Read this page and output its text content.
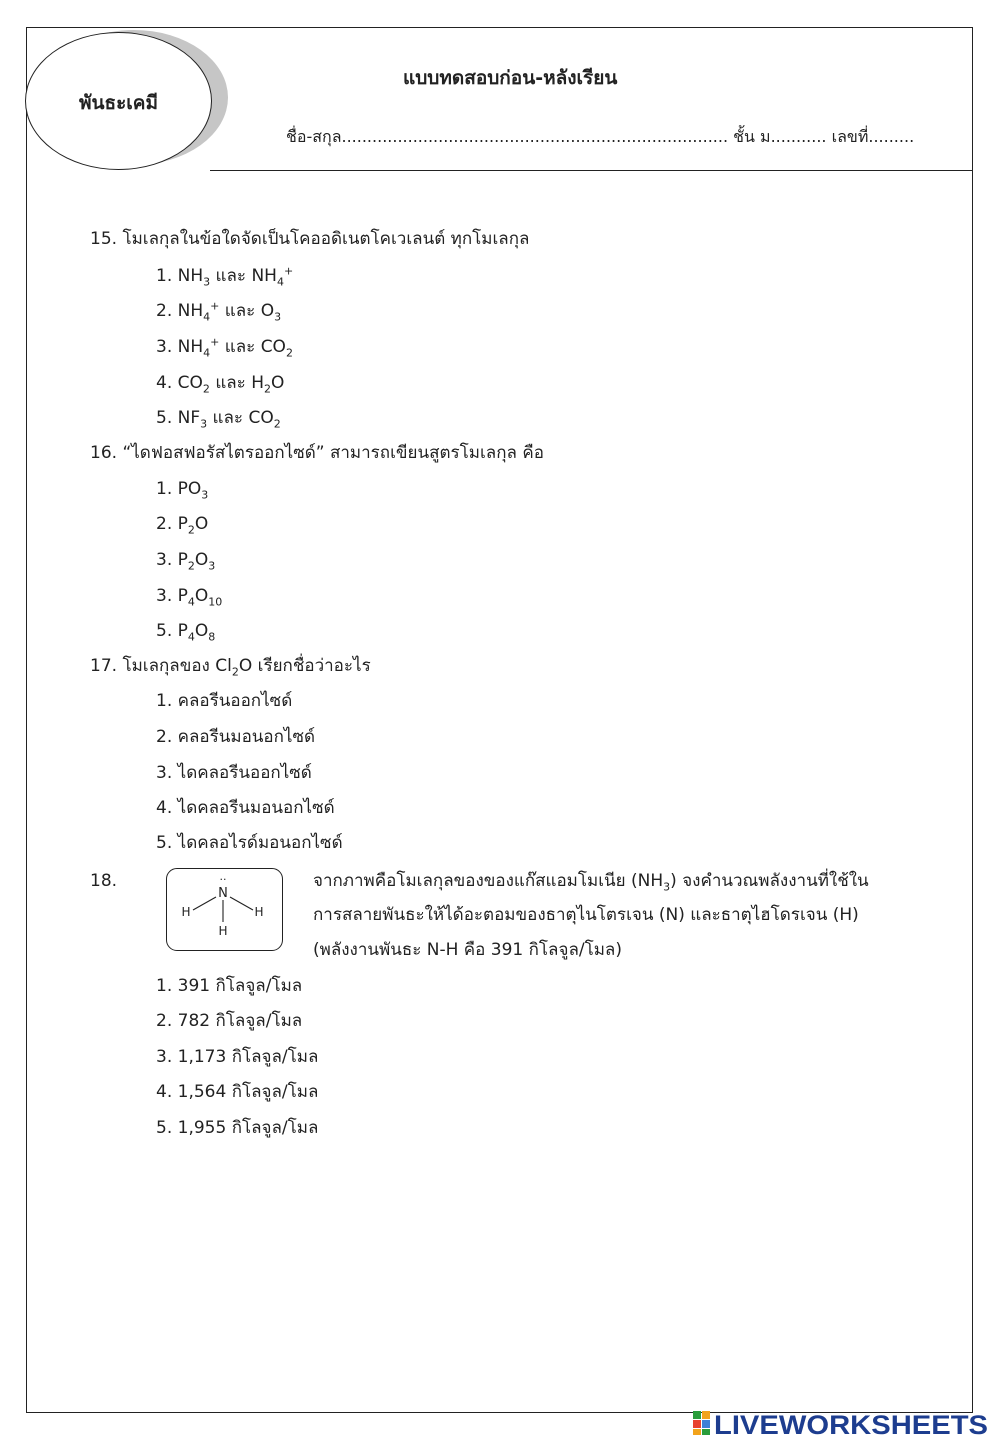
พันธะเคมี
แบบทดสอบก่อน-หลังเรียน
ชื่อ-สกุล............................................................................ ชั้น ม........... เลขที่.........
15. โมเลกุลในข้อใดจัดเป็นโคออดิเนตโคเวเลนต์ ทุกโมเลกุล
1. $NH_3$ และ $NH_4^+$
2. $NH_4^+$ และ $O_3$
3. $NH_4^+$ และ $CO_2$
4. $CO_2$ และ $H_2O$
5. $NF_3$ และ $CO_2$
16. “ไดฟอสฟอรัสไตรออกไซด์” สามารถเขียนสูตรโมเลกุล คือ
1. $PO_3$
2. $P_2O$
3. $P_2O_3$
3. $P_4O_{10}$
5. $P_4O_8$
17. โมเลกุลของ $Cl_2O$ เรียกชื่อว่าอะไร
1. คลอรีนออกไซด์
2. คลอรีนมอนอกไซด์
3. ไดคลอรีนออกไซด์
4. ไดคลอรีนมอนอกไซด์
5. ไดคลอไรด์มอนอกไซด์
18.	..
N
H	H
H
จากภาพคือโมเลกุลของของแก๊สแอมโมเนีย $(NH_3)$ จงคำนวณพลังงานที่ใช้ใน
การสลายพันธะให้ได้อะตอมของธาตุไนโตรเจน (N) และธาตุไฮโดรเจน (H)
(พลังงานพันธะ N-H คือ 391 กิโลจูล/โมล)
1. 391 กิโลจูล/โมล
2. 782 กิโลจูล/โมล
3. 1,173 กิโลจูล/โมล
4. 1,564 กิโลจูล/โมล
5. 1,955 กิโลจูล/โมล
LIVEWORKSHEETS
